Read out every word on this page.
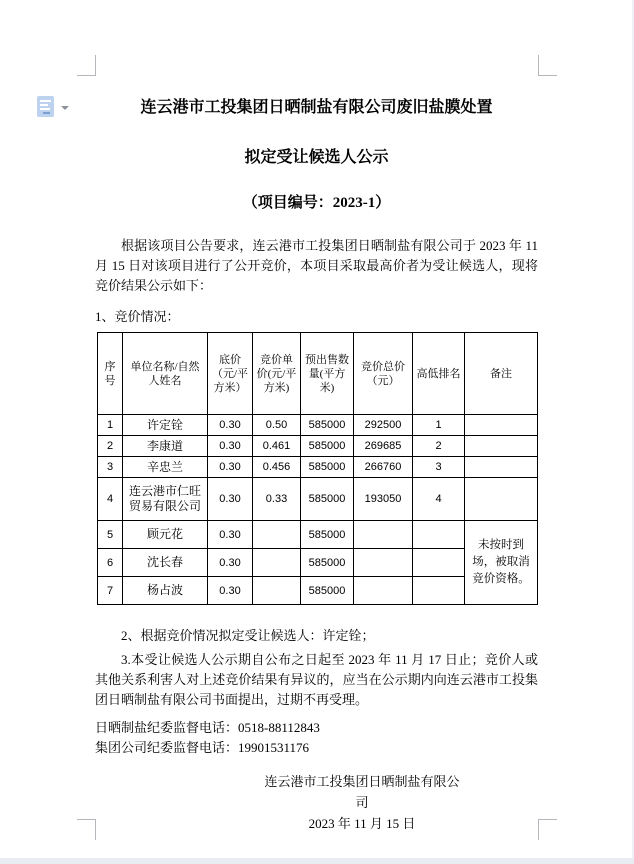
连云港市工投集团日晒制盐有限公司废旧盐膜处置
拟定受让候选人公示
（项目编号：2023-1）

根据该项目公告要求，连云港市工投集团日晒制盐有限公司于 2023 年 11 月 15 日对该项目进行了公开竞价，本项目采取最高价者为受让候选人，现将竞价结果公示如下：

1、竞价情况：
序号	单位名称/自然人姓名	底价（元/平方米）	竞价单价(元/平方米)	预出售数量(平方米)	竞价总价（元）	高低排名	备注
1	许定铨	0.30	0.50	585000	292500	1	
2	李康道	0.30	0.461	585000	269685	2	
3	辛忠兰	0.30	0.456	585000	266760	3	
4	连云港市仁旺贸易有限公司	0.30	0.33	585000	193050	4	
5	顾元花	0.30		585000			未按时到场，被取消竞价资格。
6	沈长春	0.30		585000			
7	杨占波	0.30		585000			
2、根据竞价情况拟定受让候选人：许定铨；

3.本受让候选人公示期自公布之日起至 2023 年 11 月 17 日止；竞价人或其他关系利害人对上述竞价结果有异议的，应当在公示期内向连云港市工投集团日晒制盐有限公司书面提出，过期不再受理。

日晒制盐纪委监督电话：0518-88112843
集团公司纪委监督电话：19901531176
连云港市工投集团日晒制盐有限公司
2023 年 11 月 15 日
